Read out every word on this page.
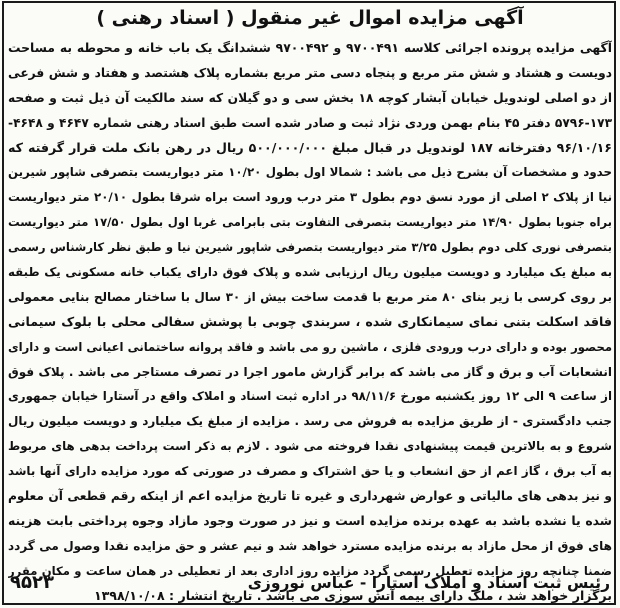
آگهی مزایده اموال غیر منقول ( اسناد رهنی )
آگهی مزایده پرونده اجرائی کلاسه ۹۷۰۰۴۹۱ و ۹۷۰۰۴۹۲ ششدانگ یک باب خانه و محوطه به مساحت
دویست و هشتاد و شش متر مربع و پنجاه دسی متر مربع بشماره پلاک هشتصد و هفتاد و شش فرعی
از دو اصلی لوندویل خیابان آبشار کوچه ۱۸ بخش سی و دو گیلان که سند مالکیت آن ذیل ثبت و صفحه
۵۷۹۶-۱۷۳ دفتر ۴۵ بنام بهمن وردی نژاد ثبت و صادر شده است طبق اسناد رهنی شماره ۴۶۴۷ و ۴۶۴۸-
۹۶/۱۰/۱۶ دفترخانه ۱۸۷ لوندویل در قبال مبلغ ۵۰۰/۰۰۰/۰۰۰ ریال در رهن بانک ملت قرار گرفته که
حدود و مشخصات آن بشرح ذیل می باشد : شمالا اول بطول ۱۰/۲۰ متر دیواریست بتصرفی شاپور شیرین
نیا از پلاک ۲ اصلی از مورد نسق دوم بطول ۳ متر درب ورود است براه شرقا بطول ۲۰/۱۰ متر دیواریست
براه جنوبا بطول ۱۴/۹۰ متر دیواریست بتصرفی التفاوت بتی بابرامی غربا اول بطول ۱۷/۵۰ متر دیواریست
بتصرفی نوری کلی دوم بطول ۳/۲۵ متر دیواریست بتصرفی شاپور شیرین نیا و طبق نظر کارشناس رسمی
به مبلغ یک میلیارد و دویست میلیون ریال ارزیابی شده و پلاک فوق دارای یکباب خانه مسکونی یک طبقه
بر روی کرسی با زیر بنای ۸۰ متر مربع با قدمت ساخت بیش از ۳۰ سال با ساختار مصالح بنایی معمولی
فاقد اسکلت بتنی نمای سیمانکاری شده ، سربندی چوبی با پوشش سفالی محلی با بلوک سیمانی
محصور بوده و دارای درب ورودی فلزی ، ماشین رو می باشد و فاقد پروانه ساختمانی اعیانی است و دارای
انشعابات آب و برق و گاز می باشد که برابر گزارش مامور اجرا در تصرف مستاجر می باشد . پلاک فوق
از ساعت ۹ الی ۱۲ روز یکشنبه مورخ ۹۸/۱۱/۶ در اداره ثبت اسناد و املاک واقع در آستارا خیابان جمهوری
جنب دادگستری - از طریق مزایده به فروش می رسد . مزایده از مبلغ یک میلیارد و دویست میلیون ریال
شروع و به بالاترین قیمت پیشنهادی نقدا فروخته می شود . لازم به ذکر است پرداخت بدهی های مربوط
به آب برق ، گاز اعم از حق انشعاب و یا حق اشتراک و مصرف در صورتی که مورد مزایده دارای آنها باشد
و نیز بدهی های مالیاتی و عوارض شهرداری و غیره تا تاریخ مزایده اعم از اینکه رقم قطعی آن معلوم
شده یا نشده باشد به عهده برنده مزایده است و نیز در صورت وجود مازاد وجوه پرداختی بابت هزینه
های فوق از محل مازاد به برنده مزایده مسترد خواهد شد و نیم عشر و حق مزایده نقدا وصول می گردد
ضمنا چنانچه روز مزایده تعطیل رسمی گردد مزایده روز اداری بعد از تعطیلی در همان ساعت و مکان مقرر
برگزار خواهد شد ، ملک دارای بیمه آتش سوزی می باشد . تاریخ انتشار : ۱۳۹۸/۱۰/۰۸
رئیس ثبت اسناد و املاک آستارا - عباس نوروزی
۹۵۲۳
